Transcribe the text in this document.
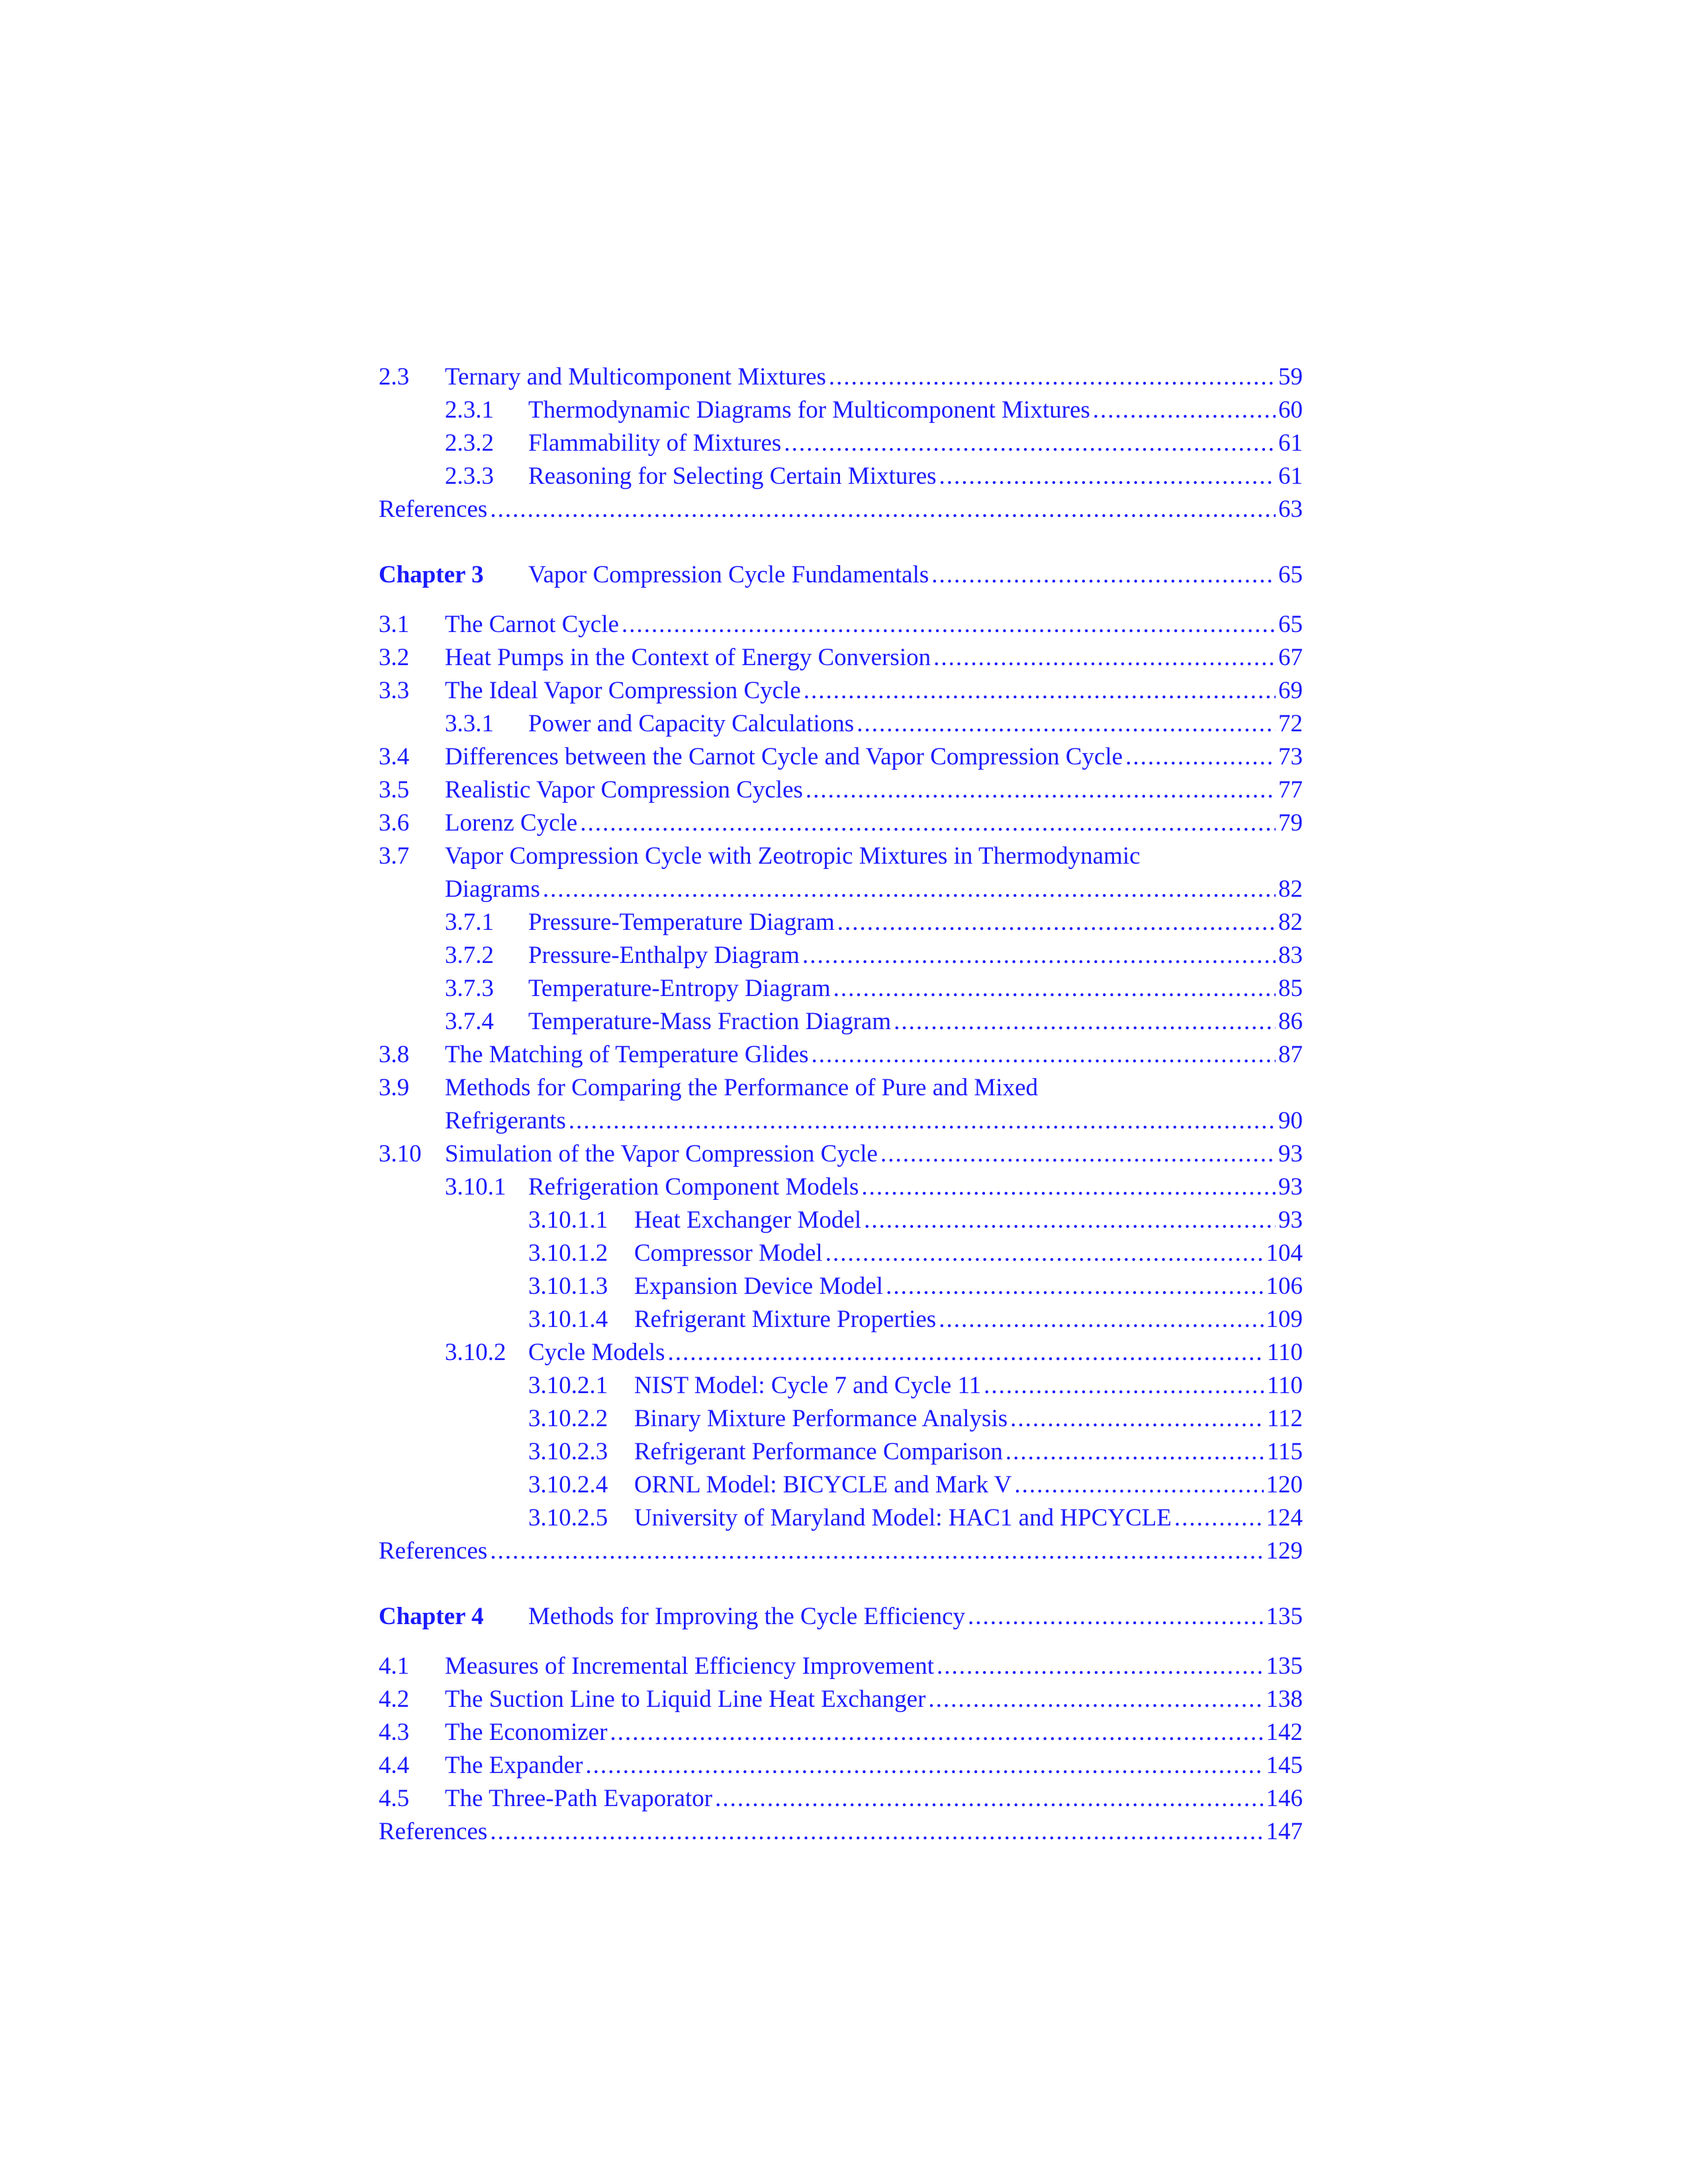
2.3	Ternary and Multicomponent Mixtures .....	59
2.3.1	Thermodynamic Diagrams for Multicomponent Mixtures .....	60
2.3.2	Flammability of Mixtures .....	61
2.3.3	Reasoning for Selecting Certain Mixtures .....	61
References .....	63
Chapter 3	Vapor Compression Cycle Fundamentals .....	65
3.1	The Carnot Cycle .....	65
3.2	Heat Pumps in the Context of Energy Conversion .....	67
3.3	The Ideal Vapor Compression Cycle .....	69
3.3.1	Power and Capacity Calculations .....	72
3.4	Differences between the Carnot Cycle and Vapor Compression Cycle .....	73
3.5	Realistic Vapor Compression Cycles .....	77
3.6	Lorenz Cycle .....	79
3.7	Vapor Compression Cycle with Zeotropic Mixtures in Thermodynamic
Diagrams .....	82
3.7.1	Pressure-Temperature Diagram .....	82
3.7.2	Pressure-Enthalpy Diagram .....	83
3.7.3	Temperature-Entropy Diagram .....	85
3.7.4	Temperature-Mass Fraction Diagram .....	86
3.8	The Matching of Temperature Glides .....	87
3.9	Methods for Comparing the Performance of Pure and Mixed
Refrigerants .....	90
3.10 Simulation of the Vapor Compression Cycle .....	93
3.10.1 Refrigeration Component Models .....	93
3.10.1.1	Heat Exchanger Model .....	93
3.10.1.2	Compressor Model .....	104
3.10.1.3	Expansion Device Model .....	106
3.10.1.4	Refrigerant Mixture Properties .....	109
3.10.2 Cycle Models .....	110
3.10.2.1	NIST Model: Cycle 7 and Cycle 11 .....	110
3.10.2.2	Binary Mixture Performance Analysis .....	112
3.10.2.3	Refrigerant Performance Comparison .....	115
3.10.2.4	ORNL Model: BICYCLE and Mark V .....	120
3.10.2.5	University of Maryland Model: HAC1 and HPCYCLE .....	124
References .....	129
Chapter 4	Methods for Improving the Cycle Efficiency .....	135
4.1	Measures of Incremental Efficiency Improvement .....	135
4.2	The Suction Line to Liquid Line Heat Exchanger .....	138
4.3	The Economizer .....	142
4.4	The Expander .....	145
4.5	The Three-Path Evaporator .....	146
References .....	147
